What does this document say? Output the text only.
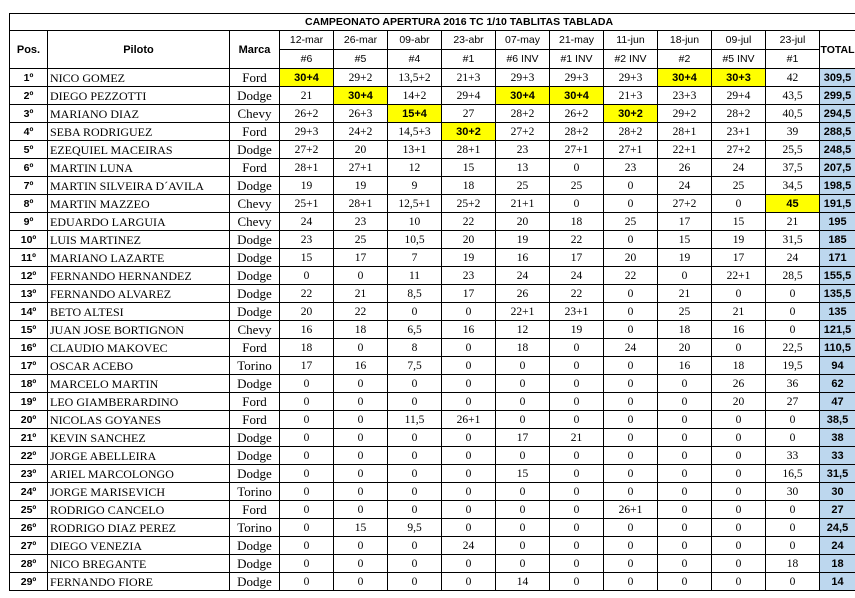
CAMPEONATO APERTURA 2016 TC 1/10 TABLITAS TABLADA															
Pos.	Piloto	Marca	12-mar	26-mar	09-abr	23-abr	07-may	21-may	11-jun	18-jun	09-jul	23-jul	TOTAL	

			#6	#5	#4	#1	#6 INV	#1 INV	#2 INV	#2	#5 INV	#1			
1º	NICO GOMEZ	Ford	30+4	29+2	13,5+2	21+3	29+3	29+3	29+3	30+4	30+3	42	309,5		
2º	DIEGO PEZZOTTI	Dodge	21	30+4	14+2	29+4	30+4	30+4	21+3	23+3	29+4	43,5	299,5		
3º	MARIANO DIAZ	Chevy	26+2	26+3	15+4	27	28+2	26+2	30+2	29+2	28+2	40,5	294,5		
4º	SEBA RODRIGUEZ	Ford	29+3	24+2	14,5+3	30+2	27+2	28+2	28+2	28+1	23+1	39	288,5		
5º	EZEQUIEL MACEIRAS	Dodge	27+2	20	13+1	28+1	23	27+1	27+1	22+1	27+2	25,5	248,5		
6º	MARTIN LUNA	Ford	28+1	27+1	12	15	13	0	23	26	24	37,5	207,5		
7º	MARTIN SILVEIRA D´AVILA	Dodge	19	19	9	18	25	25	0	24	25	34,5	198,5		
8º	MARTIN MAZZEO	Chevy	25+1	28+1	12,5+1	25+2	21+1	0	0	27+2	0	45	191,5		
9º	EDUARDO LARGUIA	Chevy	24	23	10	22	20	18	25	17	15	21	195		
10º	LUIS MARTINEZ	Dodge	23	25	10,5	20	19	22	0	15	19	31,5	185		
11º	MARIANO LAZARTE	Dodge	15	17	7	19	16	17	20	19	17	24	171		
12º	FERNANDO HERNANDEZ	Dodge	0	0	11	23	24	24	22	0	22+1	28,5	155,5		
13º	FERNANDO ALVAREZ	Dodge	22	21	8,5	17	26	22	0	21	0	0	135,5		
14º	BETO ALTESI	Dodge	20	22	0	0	22+1	23+1	0	25	21	0	135		
15º	JUAN JOSE BORTIGNON	Chevy	16	18	6,5	16	12	19	0	18	16	0	121,5		
16º	CLAUDIO MAKOVEC	Ford	18	0	8	0	18	0	24	20	0	22,5	110,5		
17º	OSCAR ACEBO	Torino	17	16	7,5	0	0	0	0	16	18	19,5	94		
18º	MARCELO MARTIN	Dodge	0	0	0	0	0	0	0	0	26	36	62		
19º	LEO GIAMBERARDINO	Ford	0	0	0	0	0	0	0	0	20	27	47		
20º	NICOLAS GOYANES	Ford	0	0	11,5	26+1	0	0	0	0	0	0	38,5		
21º	KEVIN SANCHEZ	Dodge	0	0	0	0	17	21	0	0	0	0	38		
22º	JORGE ABELLEIRA	Dodge	0	0	0	0	0	0	0	0	0	33	33		
23º	ARIEL MARCOLONGO	Dodge	0	0	0	0	15	0	0	0	0	16,5	31,5		
24º	JORGE MARISEVICH	Torino	0	0	0	0	0	0	0	0	0	30	30		
25º	RODRIGO CANCELO	Ford	0	0	0	0	0	0	26+1	0	0	0	27		
26º	RODRIGO DIAZ PEREZ	Torino	0	15	9,5	0	0	0	0	0	0	0	24,5		
27º	DIEGO VENEZIA	Dodge	0	0	0	24	0	0	0	0	0	0	24		
28º	NICO BREGANTE	Dodge	0	0	0	0	0	0	0	0	0	18	18		
29º	FERNANDO FIORE	Dodge	0	0	0	0	14	0	0	0	0	0	14		
